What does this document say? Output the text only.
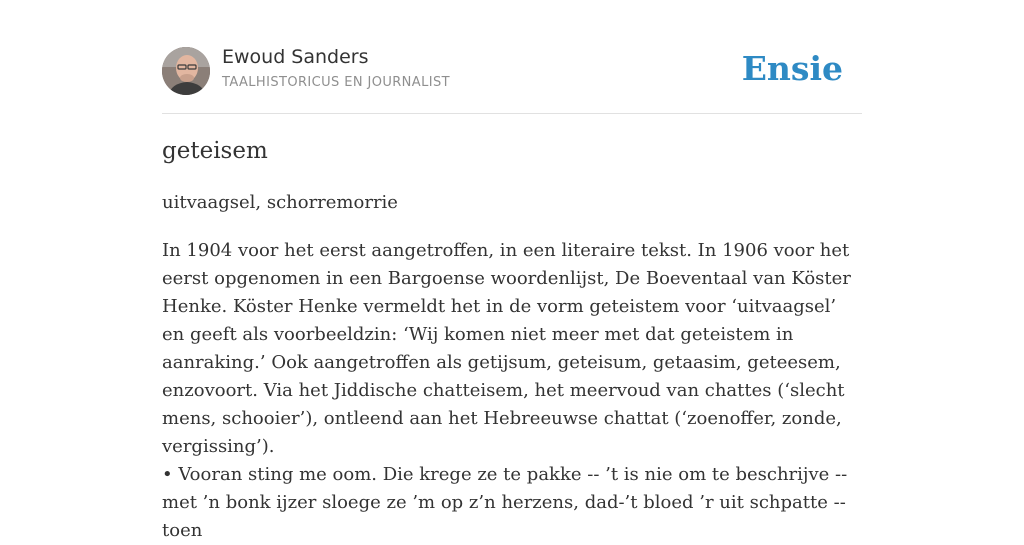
Ewoud Sanders
TAALHISTORICUS EN JOURNALIST	Ensie
geteisem

uitvaagsel, schorremorrie

In 1904 voor het eerst aangetroffen, in een literaire tekst. In 1906 voor het eerst opgenomen in een Bargoense woordenlijst, De Boeventaal van Köster Henke. Köster Henke vermeldt het in de vorm geteistem voor ‘uitvaagsel’ en geeft als voorbeeldzin: ‘Wij komen niet meer met dat geteistem in aanraking.’ Ook aangetroffen als getijsum, geteisum, getaasim, geteesem, enzovoort. Via het Jiddische chatteisem, het meervoud van chattes (‘slecht mens, schooier’), ontleend aan het Hebreeuwse chattat (‘zoenoffer, zonde, vergissing’).

• Vooran sting me oom. Die krege ze te pakke -- ’t is nie om te beschrijve -- met ’n bonk ijzer sloege ze ’m op z’n herzens, dad-’t bloed ’r uit schpatte -- toen
